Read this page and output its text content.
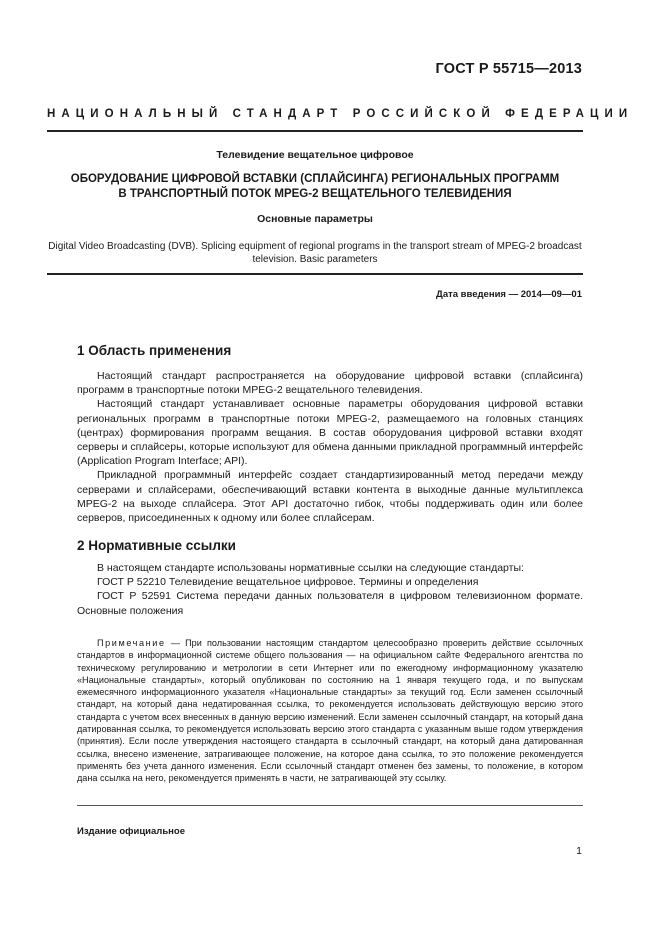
ГОСТ Р 55715—2013
НАЦИОНАЛЬНЫЙ СТАНДАРТ РОССИЙСКОЙ ФЕДЕРАЦИИ
Телевидение вещательное цифровое
ОБОРУДОВАНИЕ ЦИФРОВОЙ ВСТАВКИ (СПЛАЙСИНГА) РЕГИОНАЛЬНЫХ ПРОГРАММ
В ТРАНСПОРТНЫЙ ПОТОК MPEG-2 ВЕЩАТЕЛЬНОГО ТЕЛЕВИДЕНИЯ
Основные параметры
Digital Video Broadcasting (DVB). Splicing equipment of regional programs in the transport stream of MPEG-2 broadcast
television. Basic parameters
Дата введения — 2014—09—01
1 Область применения

Настоящий стандарт распространяется на оборудование цифровой вставки (сплайсинга) программ в транспортные потоки MPEG-2 вещательного телевидения.

Настоящий стандарт устанавливает основные параметры оборудования цифровой вставки региональных программ в транспортные потоки MPEG-2, размещаемого на головных станциях (центрах) формирования программ вещания. В состав оборудования цифровой вставки входят серверы и сплайсеры, которые используют для обмена данными прикладной программный интерфейс (Application Program Interface; API).

Прикладной программный интерфейс создает стандартизированный метод передачи между серверами и сплайсерами, обеспечивающий вставки контента в выходные данные мультиплекса MPEG-2 на выходе сплайсера. Этот API достаточно гибок, чтобы поддерживать один или более серверов, присоединенных к одному или более сплайсерам.

2 Нормативные ссылки

В настоящем стандарте использованы нормативные ссылки на следующие стандарты:

ГОСТ Р 52210 Телевидение вещательное цифровое. Термины и определения

ГОСТ Р 52591 Система передачи данных пользователя в цифровом телевизионном формате. Основные положения

Примечание — При пользовании настоящим стандартом целесообразно проверить действие ссылочных стандартов в информационной системе общего пользования — на официальном сайте Федерального агентства по техническому регулированию и метрологии в сети Интернет или по ежегодному информационному указателю «Национальные стандарты», который опубликован по состоянию на 1 января текущего года, и по выпускам ежемесячного информационного указателя «Национальные стандарты» за текущий год. Если заменен ссылочный стандарт, на который дана недатированная ссылка, то рекомендуется использовать действующую версию этого стандарта с учетом всех внесенных в данную версию изменений. Если заменен ссылочный стандарт, на который дана датированная ссылка, то рекомендуется использовать версию этого стандарта с указанным выше годом утверждения (принятия). Если после утверждения настоящего стандарта в ссылочный стандарт, на который дана датированная ссылка, внесено изменение, затрагивающее положение, на которое дана ссылка, то это положение рекомендуется применять без учета данного изменения. Если ссылочный стандарт отменен без замены, то положение, в котором дана ссылка на него, рекомендуется применять в части, не затрагивающей эту ссылку.

Издание официальное
1
